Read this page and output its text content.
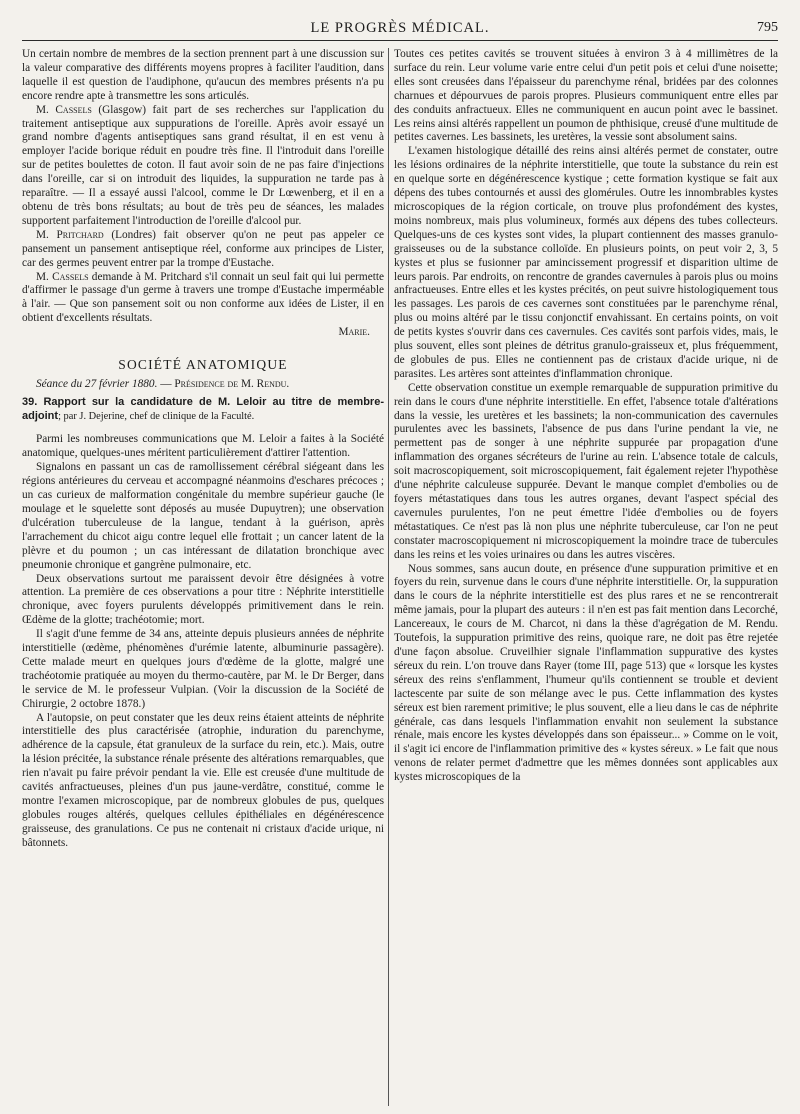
LE PROGRÈS MÉDICAL.	795

Un certain nombre de membres de la section prennent part à une discussion sur la valeur comparative des différents moyens propres à faciliter l'audition, dans laquelle il est question de l'audiphone, qu'aucun des membres présents n'a pu encore rendre apte à transmettre les sons articulés.

M. Cassels (Glasgow) fait part de ses recherches sur l'application du traitement antiseptique aux suppurations de l'oreille. Après avoir essayé un grand nombre d'agents antiseptiques sans grand résultat, il en est venu à employer l'acide borique réduit en poudre très fine. Il l'introduit dans l'oreille sur de petites boulettes de coton. Il faut avoir soin de ne pas faire d'injections dans l'oreille, car si on introduit des liquides, la suppuration ne tarde pas à reparaître. — Il a essayé aussi l'alcool, comme le Dr Lœwenberg, et il en a obtenu de très bons résultats; au bout de très peu de séances, les malades supportent parfaitement l'introduction de l'oreille d'alcool pur.

M. Pritchard (Londres) fait observer qu'on ne peut pas appeler ce pansement un pansement antiseptique réel, conforme aux principes de Lister, car des germes peuvent entrer par la trompe d'Eustache.

M. Cassels demande à M. Pritchard s'il connait un seul fait qui lui permette d'affirmer le passage d'un germe à travers une trompe d'Eustache imperméable à l'air. — Que son pansement soit ou non conforme aux idées de Lister, il en obtient d'excellents résultats.

Marie.
SOCIÉTÉ ANATOMIQUE

Séance du 27 février 1880. — Présidence de M. Rendu.

39. Rapport sur la candidature de M. Leloir au titre de membre-adjoint; par J. Dejerine, chef de clinique de la Faculté.

Parmi les nombreuses communications que M. Leloir a faites à la Société anatomique, quelques-unes méritent particulièrement d'attirer l'attention.

Signalons en passant un cas de ramollissement cérébral siégeant dans les régions antérieures du cerveau et accompagné néanmoins d'eschares précoces ; un cas curieux de malformation congénitale du membre supérieur gauche (le moulage et le squelette sont déposés au musée Dupuytren); une observation d'ulcération tuberculeuse de la langue, tendant à la guérison, après l'arrachement du chicot aigu contre lequel elle frottait ; un cancer latent de la plèvre et du poumon ; un cas intéressant de dilatation bronchique avec pneumonie chronique et gangrène pulmonaire, etc.

Deux observations surtout me paraissent devoir être désignées à votre attention. La première de ces observations a pour titre : Néphrite interstitielle chronique, avec foyers purulents développés primitivement dans le rein. Œdème de la glotte; trachéotomie; mort.

Il s'agit d'une femme de 34 ans, atteinte depuis plusieurs années de néphrite interstitielle (œdème, phénomènes d'urémie latente, albuminurie passagère). Cette malade meurt en quelques jours d'œdème de la glotte, malgré une trachéotomie pratiquée au moyen du thermo-cautère, par M. le Dr Berger, dans le service de M. le professeur Vulpian. (Voir la discussion de la Société de Chirurgie, 2 octobre 1878.)

A l'autopsie, on peut constater que les deux reins étaient atteints de néphrite interstitielle des plus caractérisée (atrophie, induration du parenchyme, adhérence de la capsule, état granuleux de la surface du rein, etc.). Mais, outre la lésion précitée, la substance rénale présente des altérations remarquables, que rien n'avait pu faire prévoir pendant la vie. Elle est creusée d'une multitude de cavités anfractueuses, pleines d'un pus jaune-verdâtre, constitué, comme le montre l'examen microscopique, par de nombreux globules de pus, quelques globules rouges altérés, quelques cellules épithéliales en dégénérescence graisseuse, des granulations. Ce pus ne contenait ni cristaux d'acide urique, ni bâtonnets.

Toutes ces petites cavités se trouvent situées à environ 3 à 4 millimètres de la surface du rein. Leur volume varie entre celui d'un petit pois et celui d'une noisette; elles sont creusées dans l'épaisseur du parenchyme rénal, bridées par des colonnes charnues et dépourvues de parois propres. Plusieurs communiquent entre elles par des conduits anfractueux. Elles ne communiquent en aucun point avec le bassinet. Les reins ainsi altérés rappellent un poumon de phthisique, creusé d'une multitude de petites cavernes. Les bassinets, les uretères, la vessie sont absolument sains.

L'examen histologique détaillé des reins ainsi altérés permet de constater, outre les lésions ordinaires de la néphrite interstitielle, que toute la substance du rein est en quelque sorte en dégénérescence kystique ; cette formation kystique se fait aux dépens des tubes contournés et aussi des glomérules. Outre les innombrables kystes microscopiques de la région corticale, on trouve plus profondément des kystes, moins nombreux, mais plus volumineux, formés aux dépens des tubes collecteurs. Quelques-uns de ces kystes sont vides, la plupart contiennent des masses granulo-graisseuses ou de la substance colloïde. En plusieurs points, on peut voir 2, 3, 5 kystes et plus se fusionner par amincissement progressif et disparition ultime de leurs parois. Par endroits, on rencontre de grandes cavernules à parois plus ou moins anfractueuses. Entre elles et les kystes précités, on peut suivre histologiquement tous les passages. Les parois de ces cavernes sont constituées par le parenchyme rénal, plus ou moins altéré par le tissu conjonctif envahissant. En certains points, on voit de petits kystes s'ouvrir dans ces cavernules. Ces cavités sont parfois vides, mais, le plus souvent, elles sont pleines de détritus granulo-graisseux et, plus fréquemment, de globules de pus. Elles ne contiennent pas de cristaux d'acide urique, ni de parasites. Les artères sont atteintes d'inflammation chronique.

Cette observation constitue un exemple remarquable de suppuration primitive du rein dans le cours d'une néphrite interstitielle. En effet, l'absence totale d'altérations dans la vessie, les uretères et les bassinets; la non-communication des cavernules purulentes avec les bassinets, l'absence de pus dans l'urine pendant la vie, ne permettent pas de songer à une néphrite suppurée par propagation d'une inflammation des organes sécréteurs de l'urine au rein. L'absence totale de calculs, soit macroscopiquement, soit microscopiquement, fait également rejeter l'hypothèse d'une néphrite calculeuse suppurée. Devant le manque complet d'embolies ou de foyers métastatiques dans tous les autres organes, devant l'aspect spécial des cavernules purulentes, l'on ne peut émettre l'idée d'embolies ou de foyers métastatiques. Ce n'est pas là non plus une néphrite tuberculeuse, car l'on ne peut constater macroscopiquement ni microscopiquement la moindre trace de tubercules dans les reins et les voies urinaires ou dans les autres viscères.

Nous sommes, sans aucun doute, en présence d'une suppuration primitive et en foyers du rein, survenue dans le cours d'une néphrite interstitielle. Or, la suppuration dans le cours de la néphrite interstitielle est des plus rares et ne se rencontrerait même jamais, pour la plupart des auteurs : il n'en est pas fait mention dans Lecorché, Lancereaux, le cours de M. Charcot, ni dans la thèse d'agrégation de M. Rendu. Toutefois, la suppuration primitive des reins, quoique rare, ne doit pas être rejetée d'une façon absolue. Cruveilhier signale l'inflammation suppurative des kystes séreux du rein. L'on trouve dans Rayer (tome III, page 513) que « lorsque les kystes séreux des reins s'enflamment, l'humeur qu'ils contiennent se trouble et devient lactescente par suite de son mélange avec le pus. Cette inflammation des kystes séreux est bien rarement primitive; le plus souvent, elle a lieu dans le cas de néphrite générale, cas dans lesquels l'inflammation envahit non seulement la substance rénale, mais encore les kystes développés dans son épaisseur... » Comme on le voit, il s'agit ici encore de l'inflammation primitive des « kystes séreux. » Le fait que nous venons de relater permet d'admettre que les mêmes données sont applicables aux kystes microscopiques de la
